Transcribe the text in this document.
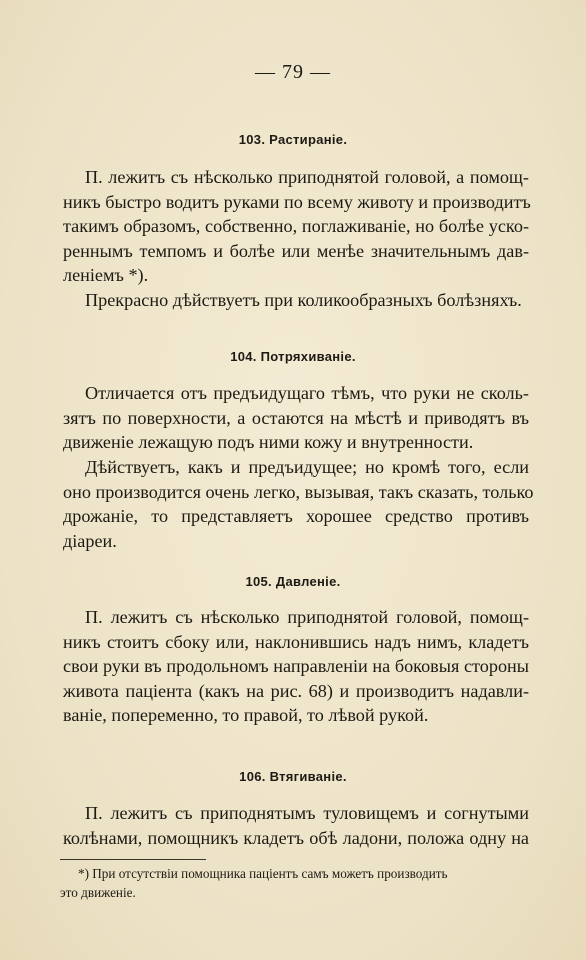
— 79 —
103. Растираніе.
П. лежитъ съ нѣсколько приподнятой головой, а помощ-
никъ быстро водитъ руками по всему животу и производитъ
такимъ образомъ, собственно, поглаживаніе, но болѣе уско-
реннымъ темпомъ и болѣе или менѣе значительнымъ дав-
леніемъ *).
Прекрасно дѣйствуетъ при коликообразныхъ болѣзняхъ.
104. Потряхиваніе.
Отличается отъ предъидущаго тѣмъ, что руки не сколь-
зятъ по поверхности, а остаются на мѣстѣ и приводятъ въ
движеніе лежащую подъ ними кожу и внутренности.
Дѣйствуетъ, какъ и предъидущее; но кромѣ того, если
оно производится очень легко, вызывая, такъ сказать, только
дрожаніе, то представляетъ хорошее средство противъ
діареи.
105. Давленіе.
П. лежитъ съ нѣсколько приподнятой головой, помощ-
никъ стоитъ сбоку или, наклонившись надъ нимъ, кладетъ
свои руки въ продольномъ направленіи на боковыя стороны
живота паціента (какъ на рис. 68) и производитъ надавли-
ваніе, попеременно, то правой, то лѣвой рукой.
106. Втягиваніе.
П. лежитъ съ приподнятымъ туловищемъ и согнутыми
колѣнами, помощникъ кладетъ обѣ ладони, положа одну на
*) При отсутствіи помощника паціентъ самъ можетъ производить
это движеніе.
